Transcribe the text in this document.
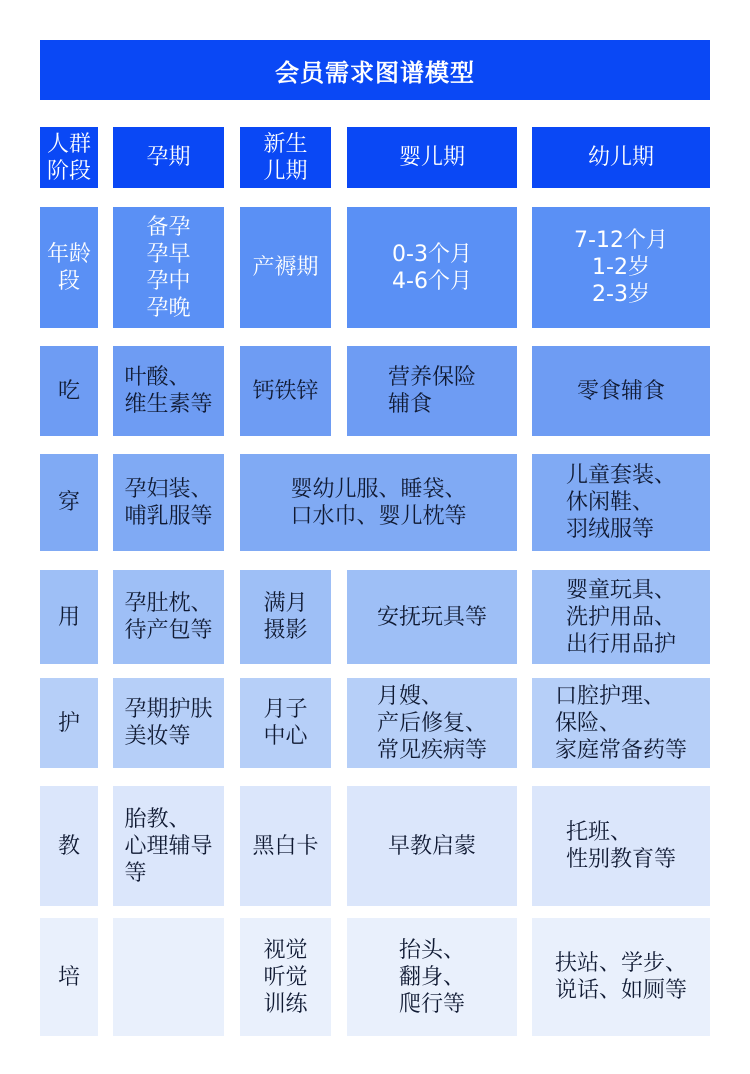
会员需求图谱模型
人群
阶段
孕期
新生
儿期
婴儿期	幼儿期
年龄
段
备孕
孕早
孕中
孕晚
产褥期
0-3个月
4-6个月
7-12个月
1-2岁
2-3岁
吃
叶酸、
维生素等
钙铁锌
营养保险
辅食
零食辅食
穿
孕妇装、
哺乳服等
婴幼儿服、睡袋、
口水巾、婴儿枕等
儿童套装、
休闲鞋、
羽绒服等
用
孕肚枕、
待产包等
满月
摄影
安抚玩具等
婴童玩具、
洗护用品、
出行用品护
护
孕期护肤
美妆等
月子
中心
月嫂、
产后修复、
常见疾病等
口腔护理、
保险、
家庭常备药等
教
胎教、
心理辅导
等
黑白卡	早教启蒙
托班、
性别教育等
培
视觉
听觉
训练
抬头、
翻身、
爬行等
扶站、学步、
说话、如厕等
